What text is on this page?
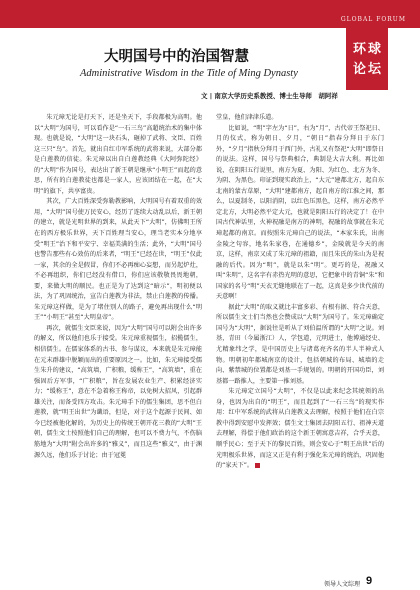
GLOBAL FORUM
环球
论坛
大明国号中的治国智慧
Administrative Wisdom in the Title of Ming Dynasty
文 | 南京大学历史系教授、博士生导师　胡阿祥

朱元璋无论是打天下，还是坐天下，手段都极为高明。他以“大明”为国号，可以看作是“一石三鸟”高超统治术的集中体现。也就是说，“大明”这一块石头，砸掉了武将、文臣、百姓这三只“鸟”。首先，就出自红巾军系统的武将来说，大部分都是白莲教的信徒。朱元璋以出自白莲教经典《大阿弥陀经》的“大明”作为国号，表达出了新王朝是继承“小明王”而起的意思，所有的白莲教徒也都是一家人，应该团结在一起，在“大明”的旗下，共享富贵。

其次，广大百姓深受弥勒教影响，大明国号有着双重的效用，“大明”国号使万民安心，经历了连续大动乱以后，新王朝的建立，就是光明世界的到来，从此天下“大明”，仿佛明王所在的西方极乐世界，天下百姓理当安心，理当老实本分地享受“明王”治下和平安宁、幸福美满的生活；此外，“大明”国号也警告那些有心效仿的后来者，“明王”已经在世，“明王”仅此一家，其余的全是假冒，你们不必再痴心妄想，而另起炉灶，不必再组织，你们已经没有借口，你们应该敬敬畏畏地朝，要，来做大明的顺民。也正是为了达到这“暗示”，明初便以法，为了巩固统治，宣告白莲教为非法，禁止白莲教的传播。朱元璋这样做，是为了堵住别人的路子，避免再出现什么“明王”“小明王”甚至“大明皇帝”。

再次，就儒生文臣来说，因为“大明”国号可以附会出许多的解义，所以他们也乐于接受。朱元璋重视儒生，招揽儒生，相信儒生。在儒家体系的古书、参与谋议，本来就是朱元璋能在元末群雄中脱颖而出的重要原因之一。比如，朱元璋接受儒生朱升的建议，“高筑墙，广积粮，缓称王”，“高筑墙”，重在强固后方军事，“广积粮”，旨在发展农业生产、积累经济实力；“缓称王”，意在不急着称王称帝，以免树大招风，引起群雄关注，而备受四方攻击。朱元璋手下的儒生集团，思不但白莲教，就“明王出世”为谶语，但是，对于这个起源于民间、如今已经被他化解的，为历史上的传统王朝开花三教的“大明”王朝，儒生文士按照他们自己的理解，也可以不费力气，不伤脑筋地为“大明”附会出许多的“雅义”，而且这些“雅义”，由于渊源久远，他们乐于讨论；由于冠冕

堂皇，他们津津乐道。

比如说，“明”字左为“日”，右为“月”，古代帝王祭祀日、月的仪式，称为朝日、夕月，“朝日”指春分拜日于东门外，“夕月”指秋分拜月于西门外，古礼又有祭祀“大明”即祭日的说法。这样，国号与祭典相合，典制是大吉大利。再比如说，在阴阳五行说里，南方为夏、为阳、为红色、北方为冬、为阴、为黑色。印证到现实政治上，“大元”建都北方，起自东北南的蒙古草原，“大明”建都南方，起自南方的江淮之间，那么，以夏制冬，以阳消阴，以红色压黑色，这样，南方必然平定北方，大明必然平定大元，也就是阴阳五行的决定了！在中国古代神话里，火神祝融是南方的神明，祝融的故事就在朱元璋起都的南京。而按照朱元璋自己的说法，“本家朱氏，出南金陵之句容，地名朱家巷，在通德乡”，金陵就是今天的南京，这样，南京又成了朱元璋的祖籍，而且朱氏的朱山为是祝融的后代。因为“明”，就是以朱“明”。更巧的是，祝融又叫“朱明”，这名字有赤热光明的意思，它把象中的青铜“朱”和国家的名号“明”天衣无缝地联在了一起，这真是多少世代前的天意啊！

据此“大明”的取义就比丰富多彩、有根有据、符合天意，所以儒生文士们当然也会赞成以“大明”为国号了。朱元璋确定国号为“大明”，据说往是听从了刘伯温所谓的“大明”之说。刘基，青田（今属浙江）人，学包道，元明进士，他博通经史、尤精象纬之学，是中国历史上与诸葛亮齐名的半人半神式人物。明朝初年都城南京的设计，包括朝城的布局、城墙的走向、紫禁城的位置都是刘基一手规划的。明朝的开国功臣，刘基都一路推人，主要第一推刘基。

朱元璋定立国号“大明”，不仅是以此来纪念其统领的出身，也因为出自的“明王”，而且起到了“一石三鸟”的现实作用：红中军系统的武将从白莲教义去理解，按照于他们在白宗教中得到安慰中发挥效；儒生文士集团去阴阳五行、祖神天道去理解，得偿于他们政治的这个新王朝寓意吉祥，合乎天意，顺乎民心；至于天下的黎民百姓，则会安心于“明王出世”后的光明极乐世界，而这又正是有利于强化朱元璋的统治，巩固他的“家天下”。

领导人文综理 9
